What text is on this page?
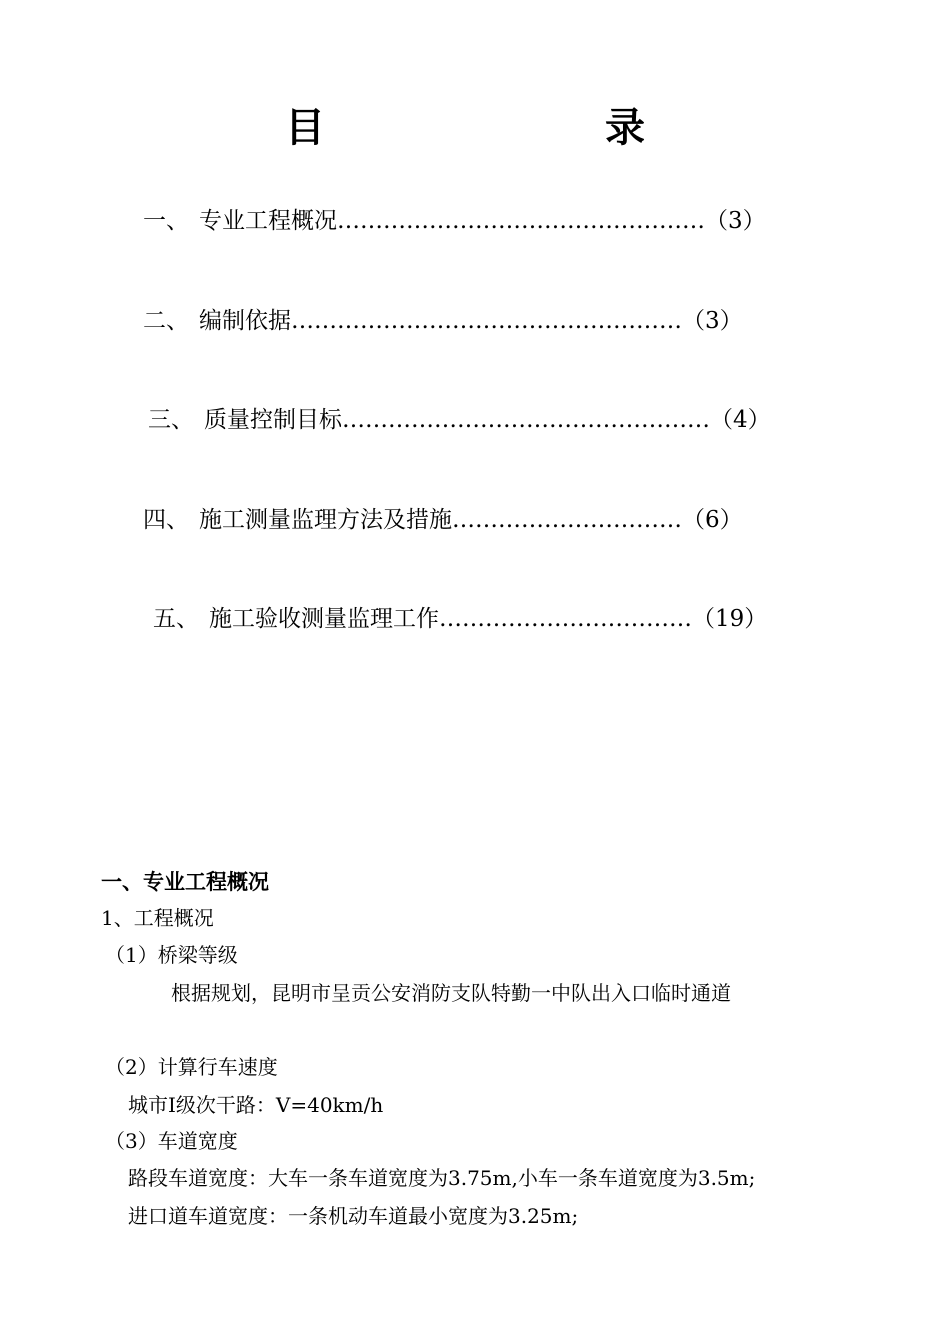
目　录
一、 专业工程概况…………………………………………（3）
二、 编制依据……………………………………………（3）
三、 质量控制目标…………………………………………（4）
四、 施工测量监理方法及措施…………………………（6）
五、 施工验收测量监理工作……………………………（19）
一、专业工程概况
1、工程概况
（1）桥梁等级
根据规划，昆明市呈贡公安消防支队特勤一中队出入口临时通道
（2）计算行车速度
城市Ⅰ级次干路：V=40km/h
（3）车道宽度
路段车道宽度：大车一条车道宽度为3.75m,小车一条车道宽度为3.5m;
进口道车道宽度：一条机动车道最小宽度为3.25m;
